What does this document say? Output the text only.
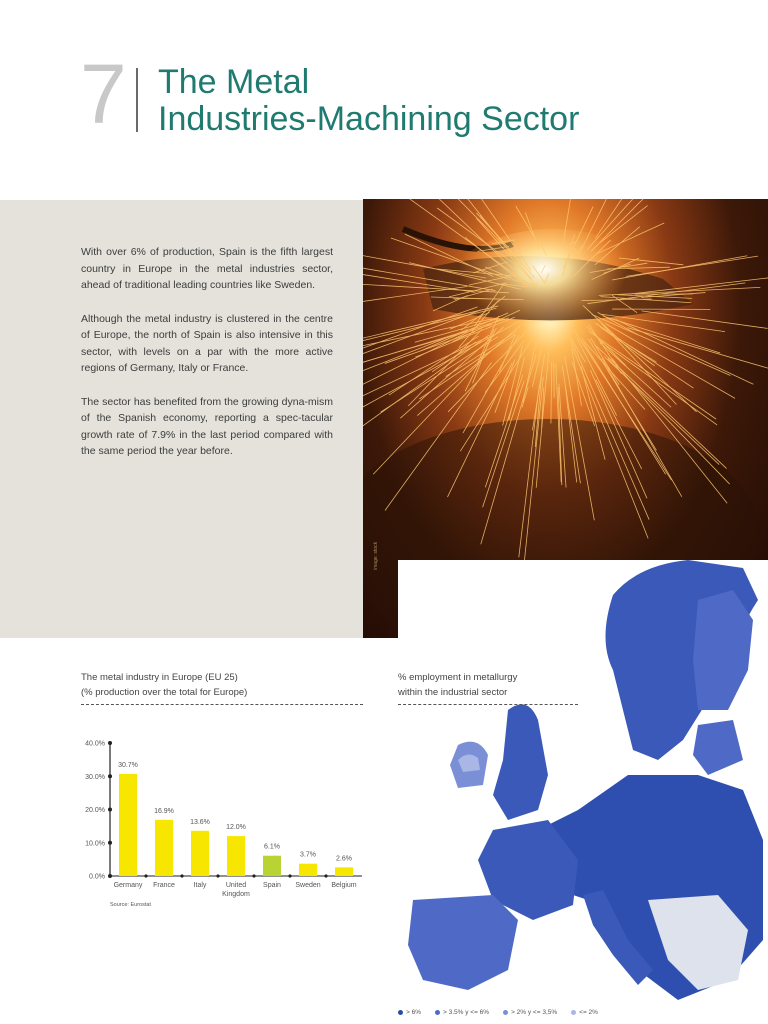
7 The Metal
Industries-Machining Sector

With over 6% of production, Spain is the fifth largest country in Europe in the metal industries sector, ahead of traditional leading countries like Sweden.

Although the metal industry is clustered in the centre of Europe, the north of Spain is also intensive in this sector, with levels on a par with the more active regions of Germany, Italy or France.

The sector has benefited from the growing dyna-mism of the Spanish economy, reporting a spec-tacular growth rate of 7.9% in the last period compared with the same period the year before.

image: stock
The metal industry in Europe (EU 25)
(% production over the total for Europe)
0.0%
10.0%
20.0%
30.0%
40.0%
30.7%
Germany
16.9%
France
13.6%
Italy
12.0%
United
Kingdom
6.1%
Spain
3.7%
Sweden
2.6%
Belgium
Source: Eurostat
% employment in metallurgy
within the industrial sector
> 6%	> 3.5% y <= 6%	> 2% y <= 3,5%	<= 2%
